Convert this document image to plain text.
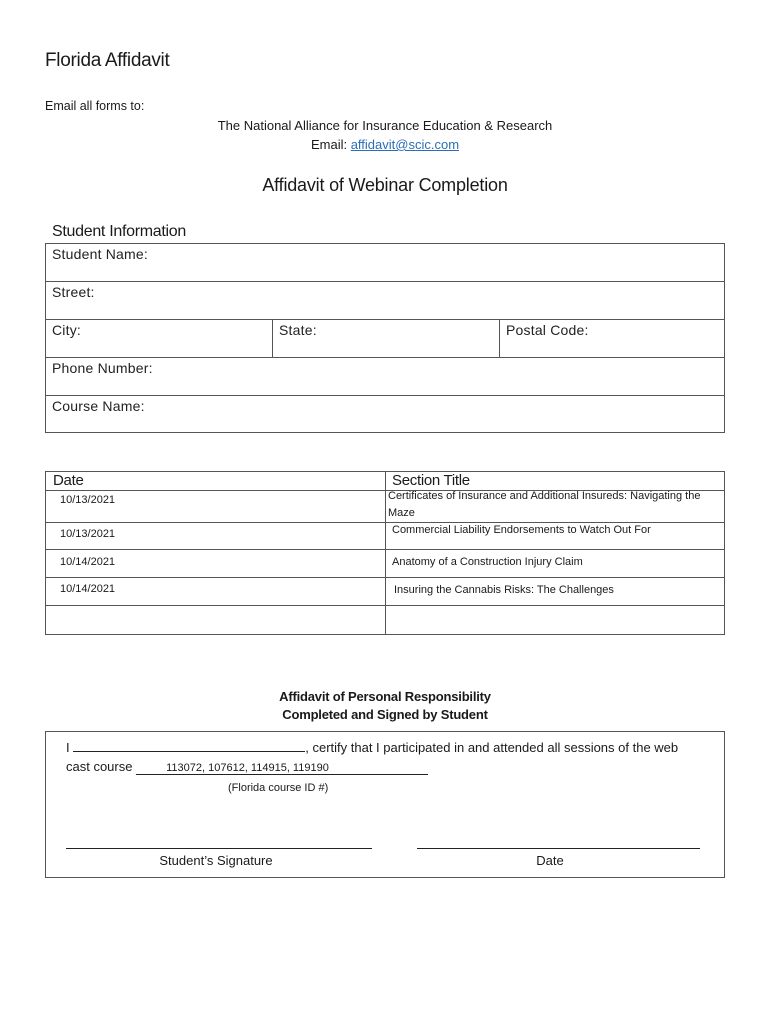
Florida Affidavit
Email all forms to:
The National Alliance for Insurance Education & Research
Email: affidavit@scic.com
Affidavit of Webinar Completion
Student Information
Student Name:
Street:
City:	State:	Postal Code:
Phone Number:
Course Name:
Date	Section Title
10/13/2021	Certificates of Insurance and Additional Insureds: Navigating the Maze
10/13/2021	Commercial Liability Endorsements to Watch Out For
10/14/2021	Anatomy of a Construction Injury Claim
10/14/2021	Insuring the Cannabis Risks: The Challenges
Affidavit of Personal Responsibility
Completed and Signed by Student
I	, certify that I participated in and attended all sessions of the web
cast course	113072, 107612, 114915, 119190
(Florida course ID #)
Student’s Signature	Date
